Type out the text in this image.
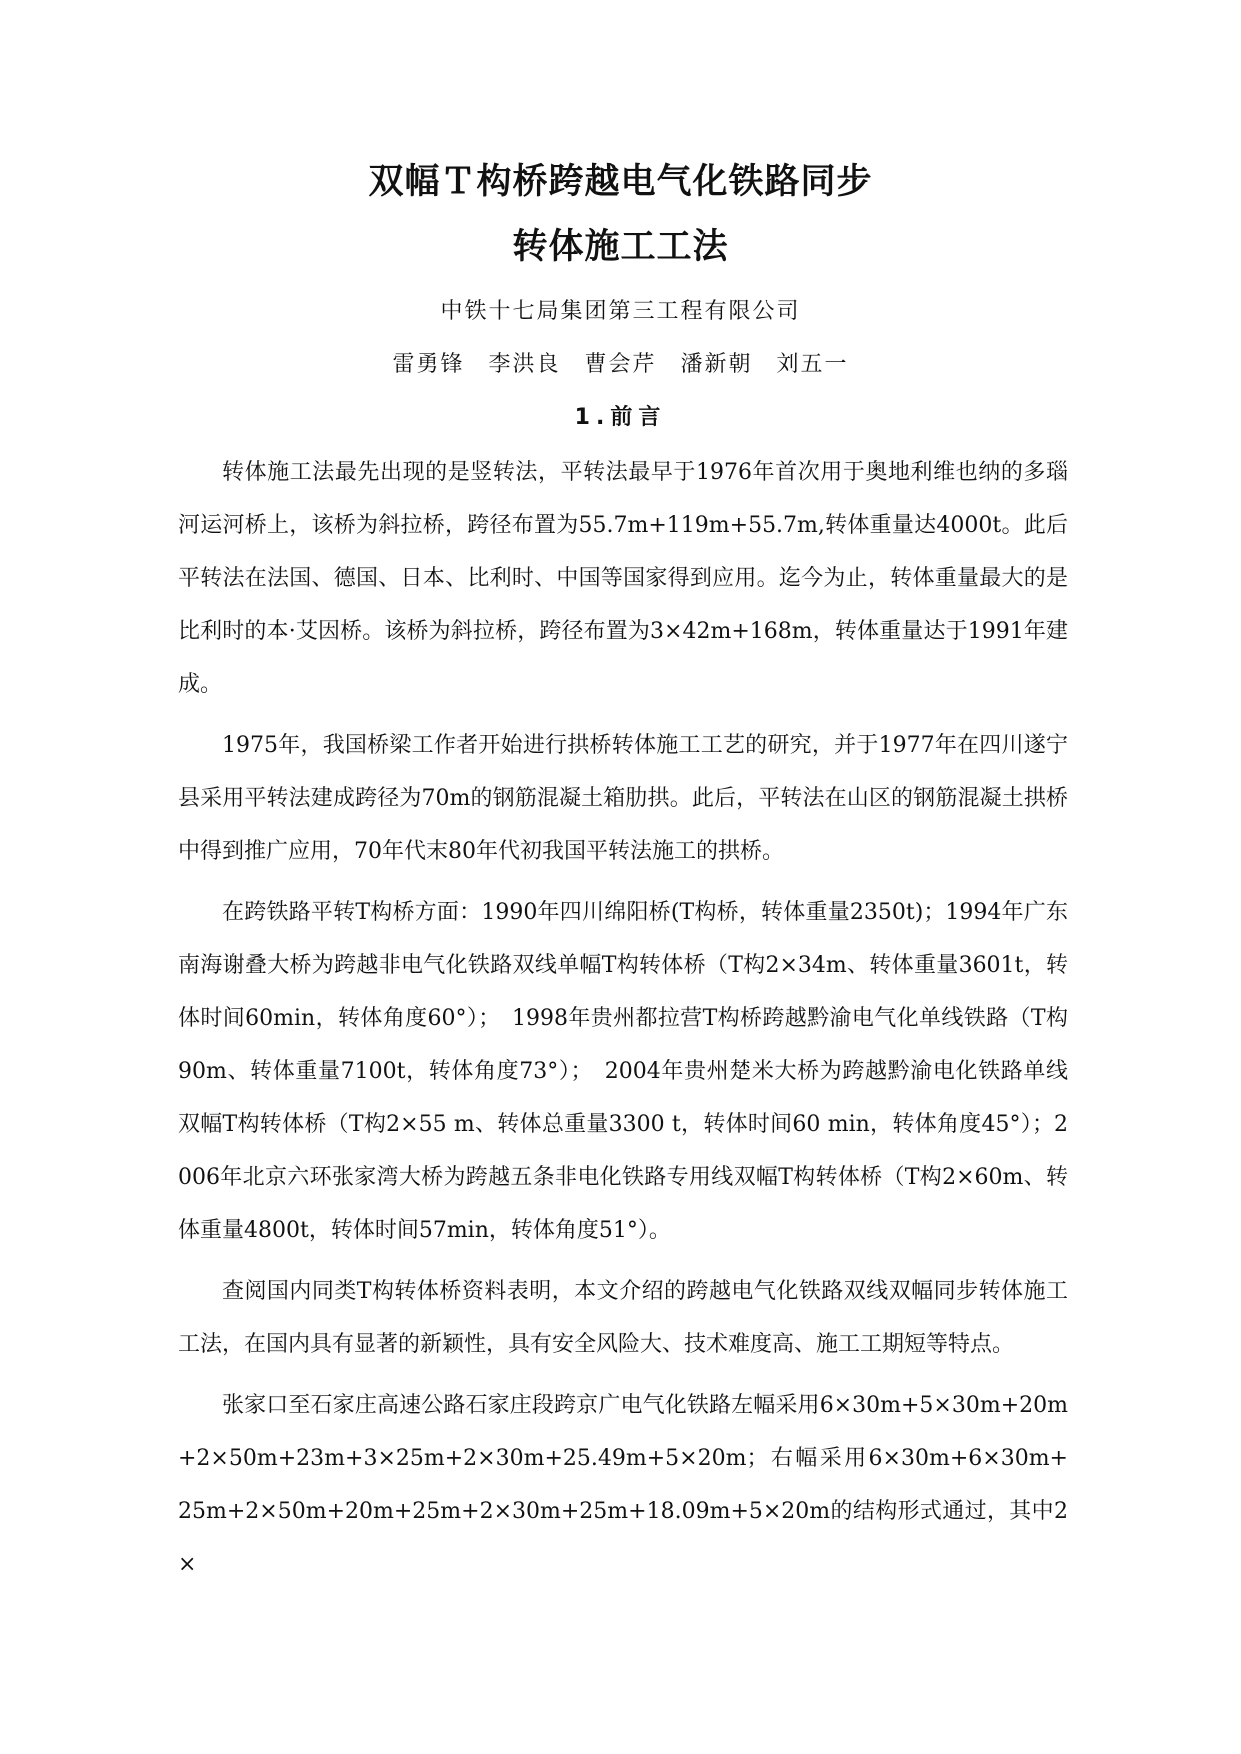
双幅Ｔ构桥跨越电气化铁路同步
转体施工工法
中铁十七局集团第三工程有限公司
雷勇锋　李洪良　曹会芹　潘新朝　刘五一
1.前言

转体施工法最先出现的是竖转法，平转法最早于1976年首次用于奥地利维也纳的多瑙河运河桥上，该桥为斜拉桥，跨径布置为55.7m+119m+55.7m,转体重量达4000t。此后平转法在法国、德国、日本、比利时、中国等国家得到应用。迄今为止，转体重量最大的是比利时的本·艾因桥。该桥为斜拉桥，跨径布置为3×42m+168m，转体重量达于1991年建成。

1975年，我国桥梁工作者开始进行拱桥转体施工工艺的研究，并于1977年在四川遂宁县采用平转法建成跨径为70m的钢筋混凝土箱肋拱。此后，平转法在山区的钢筋混凝土拱桥中得到推广应用，70年代末80年代初我国平转法施工的拱桥。

在跨铁路平转T构桥方面：1990年四川绵阳桥(T构桥，转体重量2350t)；1994年广东南海谢叠大桥为跨越非电气化铁路双线单幅T构转体桥（T构2×34m、转体重量3601t，转体时间60min，转体角度60°）；　1998年贵州都拉营T构桥跨越黔渝电气化单线铁路（T构90m、转体重量7100t，转体角度73°）；　2004年贵州楚米大桥为跨越黔渝电化铁路单线双幅T构转体桥（T构2×55 m、转体总重量3300 t，转体时间60 min，转体角度45°）；2006年北京六环张家湾大桥为跨越五条非电化铁路专用线双幅T构转体桥（T构2×60m、转体重量4800t，转体时间57min，转体角度51°）。

查阅国内同类T构转体桥资料表明，本文介绍的跨越电气化铁路双线双幅同步转体施工工法，在国内具有显著的新颖性，具有安全风险大、技术难度高、施工工期短等特点。

张家口至石家庄高速公路石家庄段跨京广电气化铁路左幅采用6×30m+5×30m+20m+2×50m+23m+3×25m+2×30m+25.49m+5×20m；右幅采用6×30m+6×30m+25m+2×50m+20m+25m+2×30m+25m+18.09m+5×20m的结构形式通过，其中2×
